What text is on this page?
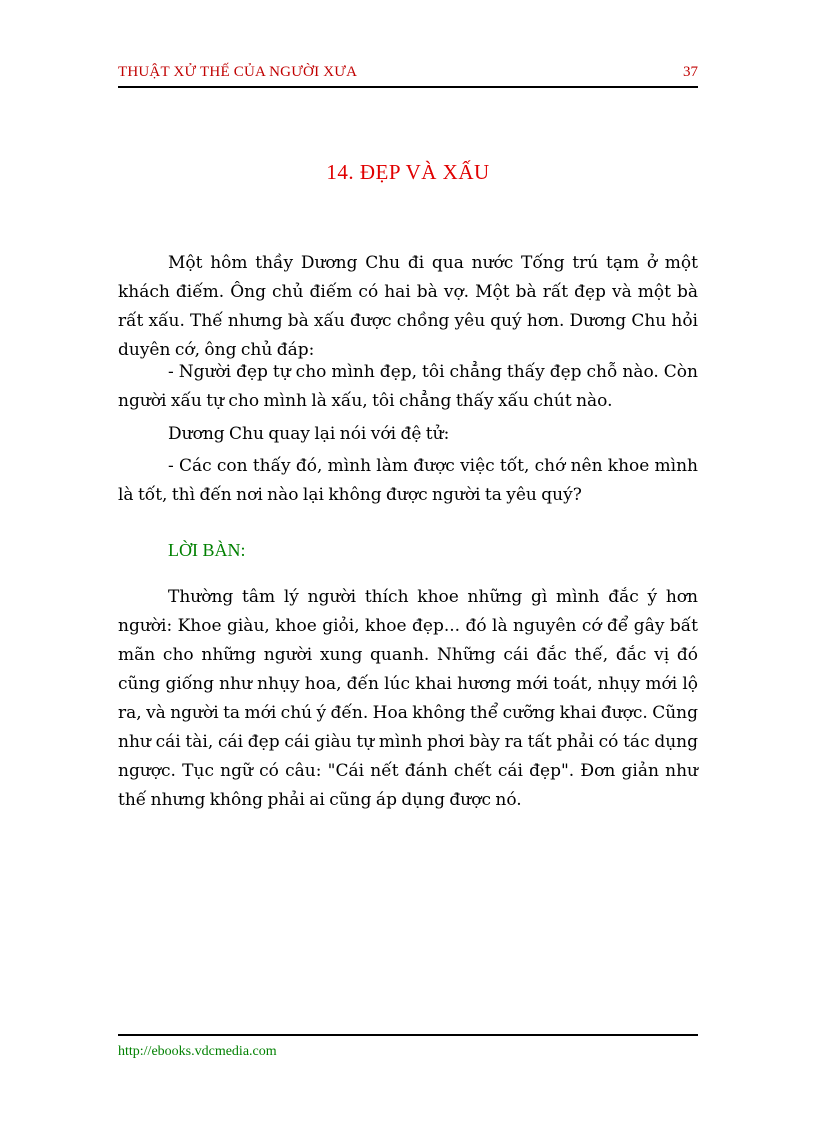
THUẬT XỬ THẾ CỦA NGƯỜI XƯA	37
14. ĐẸP VÀ XẤU

Một hôm thầy Dương Chu đi qua nước Tống trú tạm ở một khách điếm. Ông chủ điếm có hai bà vợ. Một bà rất đẹp và một bà rất xấu. Thế nhưng bà xấu được chồng yêu quý hơn. Dương Chu hỏi duyên cớ, ông chủ đáp:

- Người đẹp tự cho mình đẹp, tôi chẳng thấy đẹp chỗ nào. Còn người xấu tự cho mình là xấu, tôi chẳng thấy xấu chút nào.

Dương Chu quay lại nói với đệ tử:

- Các con thấy đó, mình làm được việc tốt, chớ nên khoe mình là tốt, thì đến nơi nào lại không được người ta yêu quý?

LỜI BÀN:

Thường tâm lý người thích khoe những gì mình đắc ý hơn người: Khoe giàu, khoe giỏi, khoe đẹp... đó là nguyên cớ để gây bất mãn cho những người xung quanh. Những cái đắc thế, đắc vị đó cũng giống như nhụy hoa, đến lúc khai hương mới toát, nhụy mới lộ ra, và người ta mới chú ý đến. Hoa không thể cưỡng khai được. Cũng như cái tài, cái đẹp cái giàu tự mình phơi bày ra tất phải có tác dụng ngược. Tục ngữ có câu: "Cái nết đánh chết cái đẹp". Đơn giản như thế nhưng không phải ai cũng áp dụng được nó.

http://ebooks.vdcmedia.com
